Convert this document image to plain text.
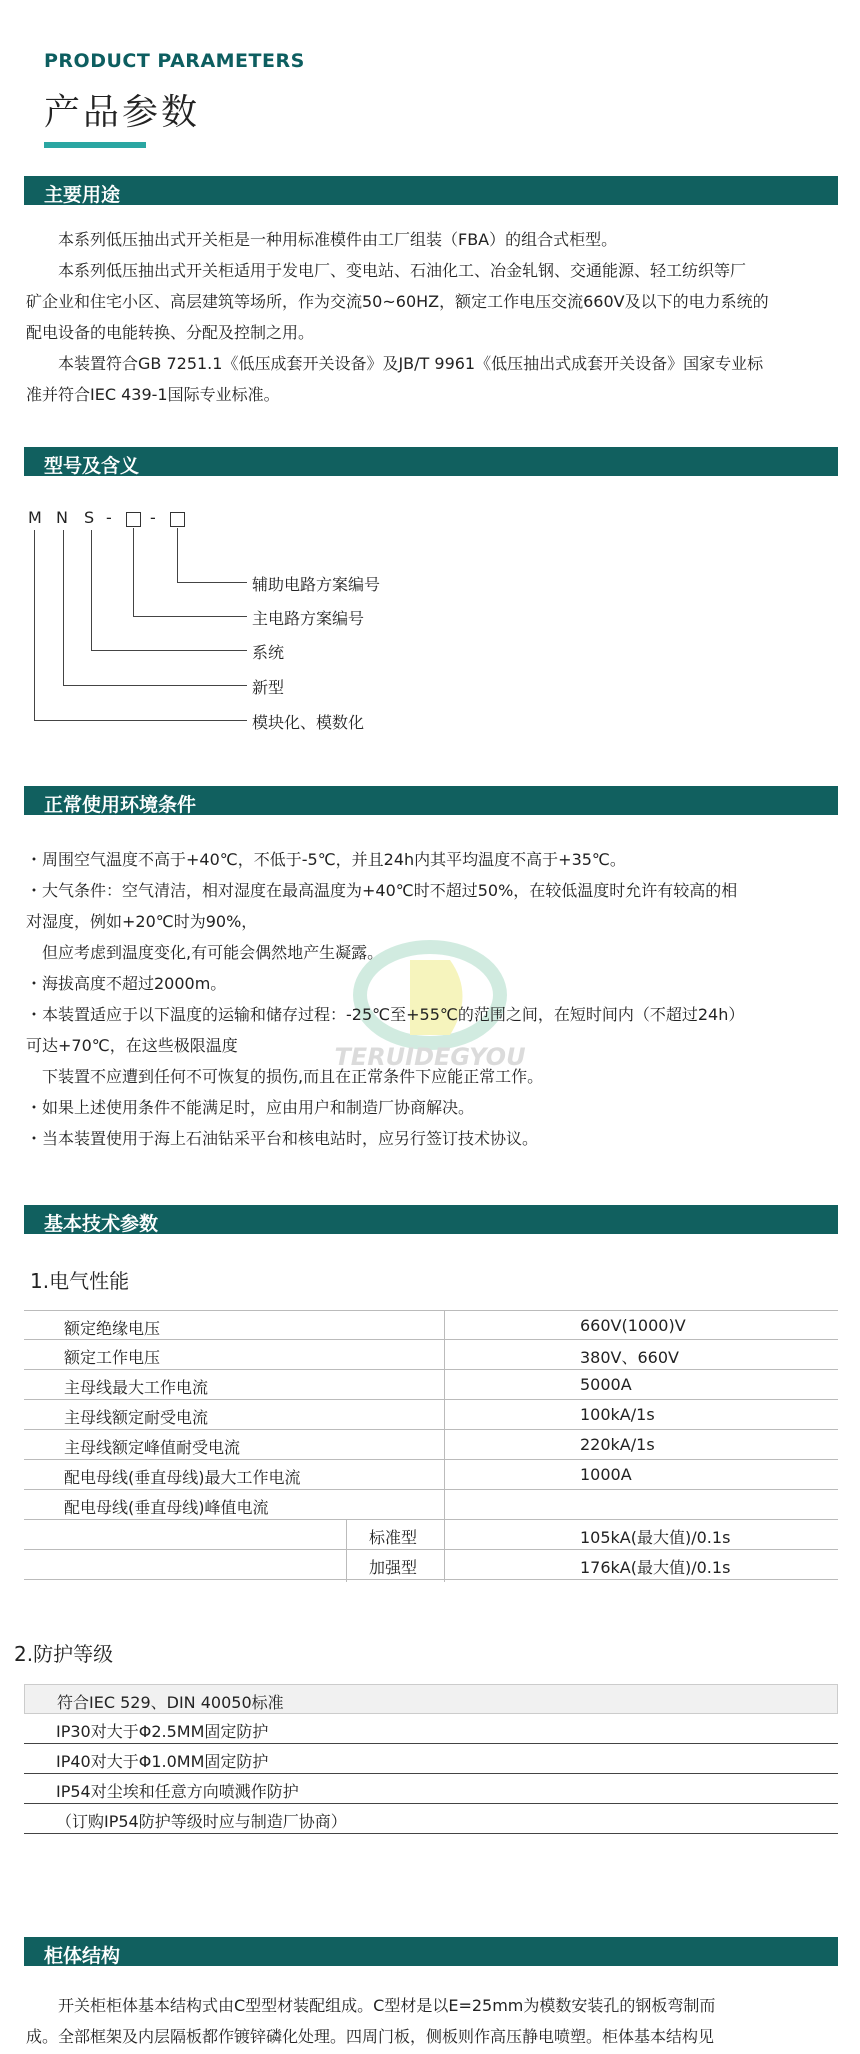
PRODUCT PARAMETERS
产品参数
主要用途

　　本系列低压抽出式开关柜是一种用标准模件由工厂组装（FBA）的组合式柜型。

　　本系列低压抽出式开关柜适用于发电厂、变电站、石油化工、冶金轧钢、交通能源、轻工纺织等厂

矿企业和住宅小区、高层建筑等场所，作为交流50~60HZ，额定工作电压交流660V及以下的电力系统的

配电设备的电能转换、分配及控制之用。

　　本装置符合GB 7251.1《低压成套开关设备》及JB/T 9961《低压抽出式成套开关设备》国家专业标

准并符合IEC 439-1国际专业标准。

型号及含义
M N S - -
辅助电路方案编号
主电路方案编号
系统
新型
模块化、模数化
正常使用环境条件
TERUIDEGYOU

・周围空气温度不高于+40℃，不低于-5℃，并且24h内其平均温度不高于+35℃。

・大气条件：空气清洁，相对湿度在最高温度为+40℃时不超过50%，在较低温度时允许有较高的相

对湿度，例如+20℃时为90%，

　但应考虑到温度变化,有可能会偶然地产生凝露。

・海拔高度不超过2000m。

・本装置适应于以下温度的运输和储存过程：-25℃至+55℃的范围之间，在短时间内（不超过24h）

可达+70℃，在这些极限温度

　下装置不应遭到任何不可恢复的损伤,而且在正常条件下应能正常工作。

・如果上述使用条件不能满足时，应由用户和制造厂协商解决。

・当本装置使用于海上石油钻采平台和核电站时，应另行签订技术协议。

基本技术参数
1.电气性能
额定绝缘电压	660V(1000)V
额定工作电压	380V、660V
主母线最大工作电流	5000A
主母线额定耐受电流	100kA/1s
主母线额定峰值耐受电流	220kA/1s
配电母线(垂直母线)最大工作电流	1000A
配电母线(垂直母线)峰值电流
标准型	105kA(最大值)/0.1s
加强型	176kA(最大值)/0.1s
2.防护等级
符合IEC 529、DIN 40050标准
IP30对大于Φ2.5MM固定防护
IP40对大于Φ1.0MM固定防护
IP54对尘埃和任意方向喷溅作防护
（订购IP54防护等级时应与制造厂协商）
柜体结构

　　开关柜柜体基本结构式由C型型材装配组成。C型材是以E=25mm为模数安装孔的钢板弯制而

成。全部框架及内层隔板都作镀锌磷化处理。四周门板，侧板则作高压静电喷塑。柜体基本结构见
